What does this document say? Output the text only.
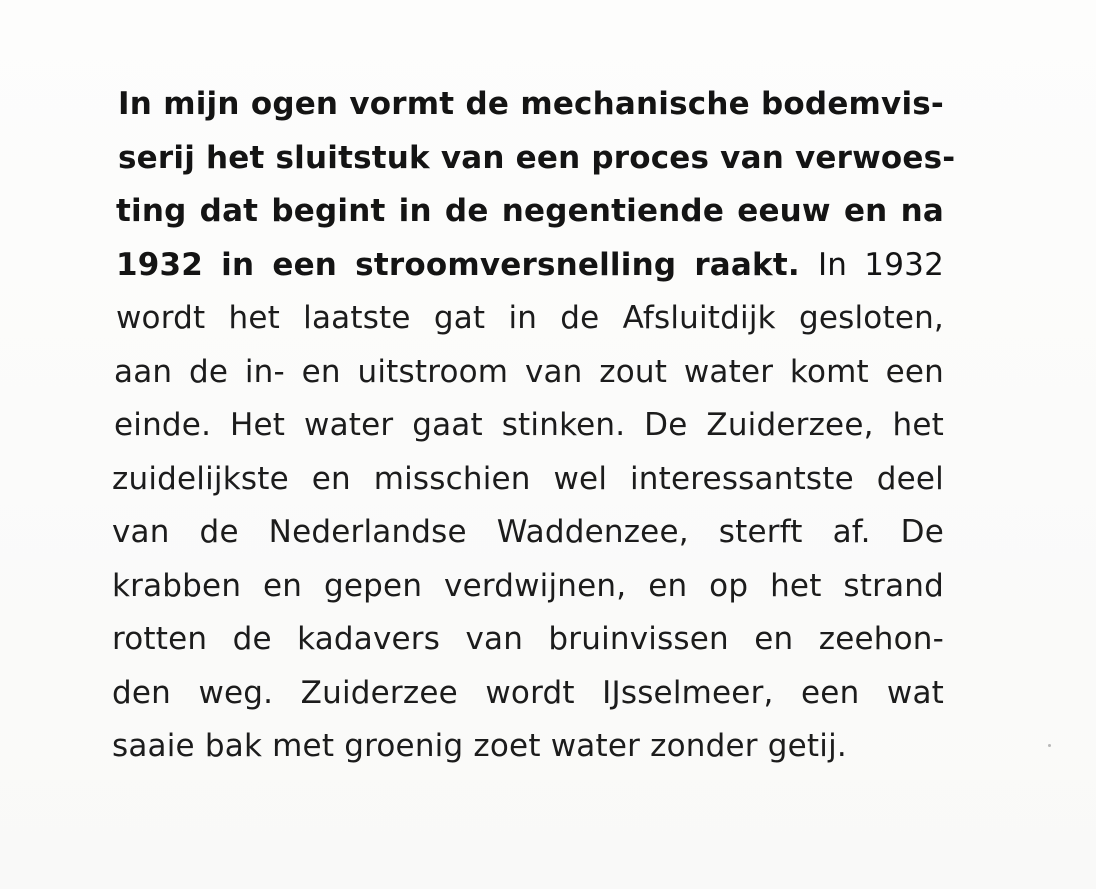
In mijn ogen vormt de mechanische bodemvis-
serij het sluitstuk van een proces van verwoes-
ting dat begint in de negentiende eeuw en na
1932 in een stroomversnelling raakt. In 1932
wordt het laatste gat in de Afsluitdijk gesloten,
aan de in- en uitstroom van zout water komt een
einde. Het water gaat stinken. De Zuiderzee, het
zuidelijkste en misschien wel interessantste deel
van de Nederlandse Waddenzee, sterft af. De
krabben en gepen verdwijnen, en op het strand
rotten de kadavers van bruinvissen en zeehon-
den weg. Zuiderzee wordt IJsselmeer, een wat
saaie bak met groenig zoet water zonder getij.
